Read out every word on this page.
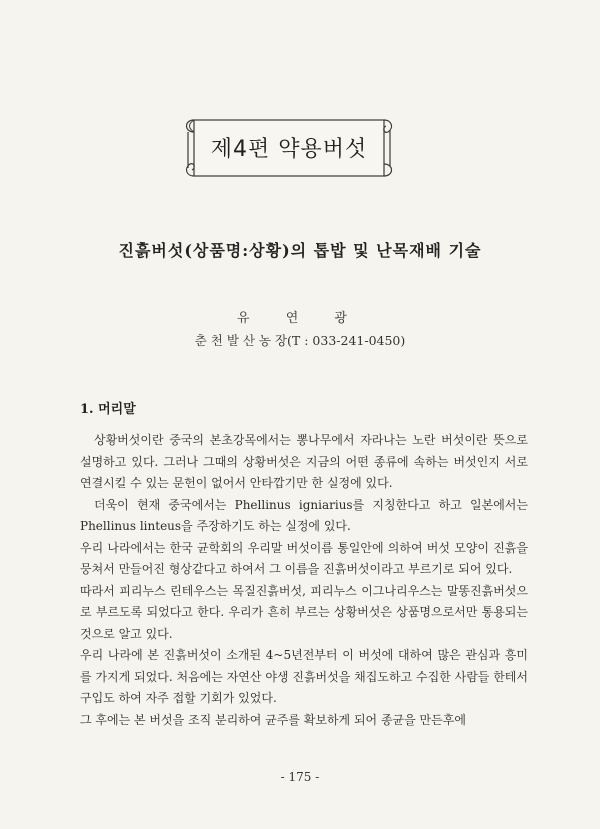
제4편 약용버섯
진흙버섯(상품명:상황)의 톱밥 및 난목재배 기술
유 연 광
춘 천 발 산 농 장(T : 033-241-0450)
1. 머리말

상황버섯이란 중국의 본초강목에서는 뽕나무에서 자라나는 노란 버섯이란 뜻으로 설명하고 있다. 그러나 그때의 상황버섯은 지금의 어떤 종류에 속하는 버섯인지 서로 연결시킬 수 있는 문헌이 없어서 안타깝기만 한 실정에 있다.

더욱이 현재 중국에서는 Phellinus igniarius를 지칭한다고 하고 일본에서는 Phellinus linteus을 주장하기도 하는 실정에 있다.

우리 나라에서는 한국 균학회의 우리말 버섯이름 통일안에 의하여 버섯 모양이 진흙을 뭉쳐서 만들어진 형상같다고 하여서 그 이름을 진흙버섯이라고 부르기로 되어 있다.

따라서 피리누스 린테우스는 목질진흙버섯, 피리누스 이그나리우스는 말똥진흙버섯으로 부르도록 되었다고 한다. 우리가 흔히 부르는 상황버섯은 상품명으로서만 통용되는 것으로 알고 있다.

우리 나라에 본 진흙버섯이 소개된 4~5년전부터 이 버섯에 대하여 많은 관심과 흥미를 가지게 되었다. 처음에는 자연산 야생 진흙버섯을 채집도하고 수집한 사람들 한테서 구입도 하여 자주 접할 기회가 있었다.

그 후에는 본 버섯을 조직 분리하여 균주를 확보하게 되어 종균을 만든후에

- 175 -
